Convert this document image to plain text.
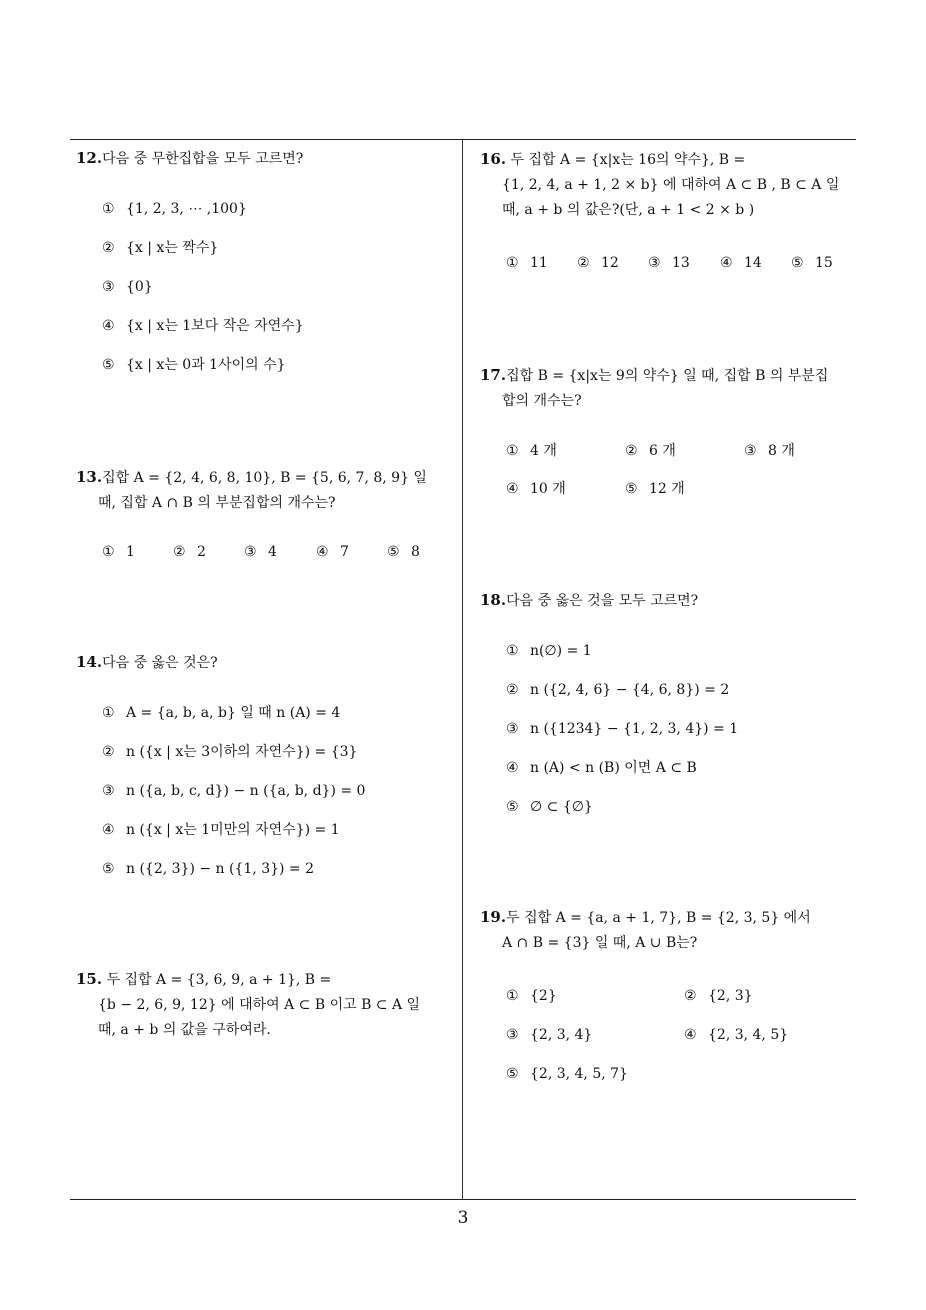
3

12.다음 중 무한집합을 모두 고르면?

① {1, 2, 3, ⋯ ,100}
② {x | x는 짝수}
③ {0}
④ {x | x는 1보다 작은 자연수}
⑤ {x | x는 0과 1사이의 수}

13.집합 A = {2, 4, 6, 8, 10}, B = {5, 6, 7, 8, 9} 일
때, 집합 A ∩ B 의 부분집합의 개수는?

① 1	② 2	③ 4	④ 7	⑤ 8

14.다음 중 옳은 것은?

① A = {a, b, a, b} 일 때 n (A) = 4
② n ({x | x는 3이하의 자연수}) = {3}
③ n ({a, b, c, d}) − n ({a, b, d}) = 0
④ n ({x | x는 1미만의 자연수}) = 1
⑤ n ({2, 3}) − n ({1, 3}) = 2

15. 두 집합 A = {3, 6, 9, a + 1}, B =
{b − 2, 6, 9, 12} 에 대하여 A ⊂ B 이고 B ⊂ A 일
때, a + b 의 값을 구하여라.

16. 두 집합 A = {x|x는 16의 약수}, B =
{1, 2, 4, a + 1, 2 × b} 에 대하여 A ⊂ B , B ⊂ A 일
때, a + b 의 값은?(단, a + 1 < 2 × b )

① 11 ② 12 ③ 13 ④ 14 ⑤ 15

17.집합 B = {x|x는 9의 약수} 일 때, 집합 B 의 부분집
합의 개수는?

① 4 개	② 6 개	③ 8 개
④ 10 개	⑤ 12 개

18.다음 중 옳은 것을 모두 고르면?

① n(∅) = 1
② n ({2, 4, 6} − {4, 6, 8}) = 2
③ n ({1234} − {1, 2, 3, 4}) = 1
④ n (A) < n (B) 이면 A ⊂ B
⑤ ∅ ⊂ {∅}

19.두 집합 A = {a, a + 1, 7}, B = {2, 3, 5} 에서
A ∩ B = {3} 일 때, A ∪ B는?

① {2}	② {2, 3}
③ {2, 3, 4}	④ {2, 3, 4, 5}
⑤ {2, 3, 4, 5, 7}
